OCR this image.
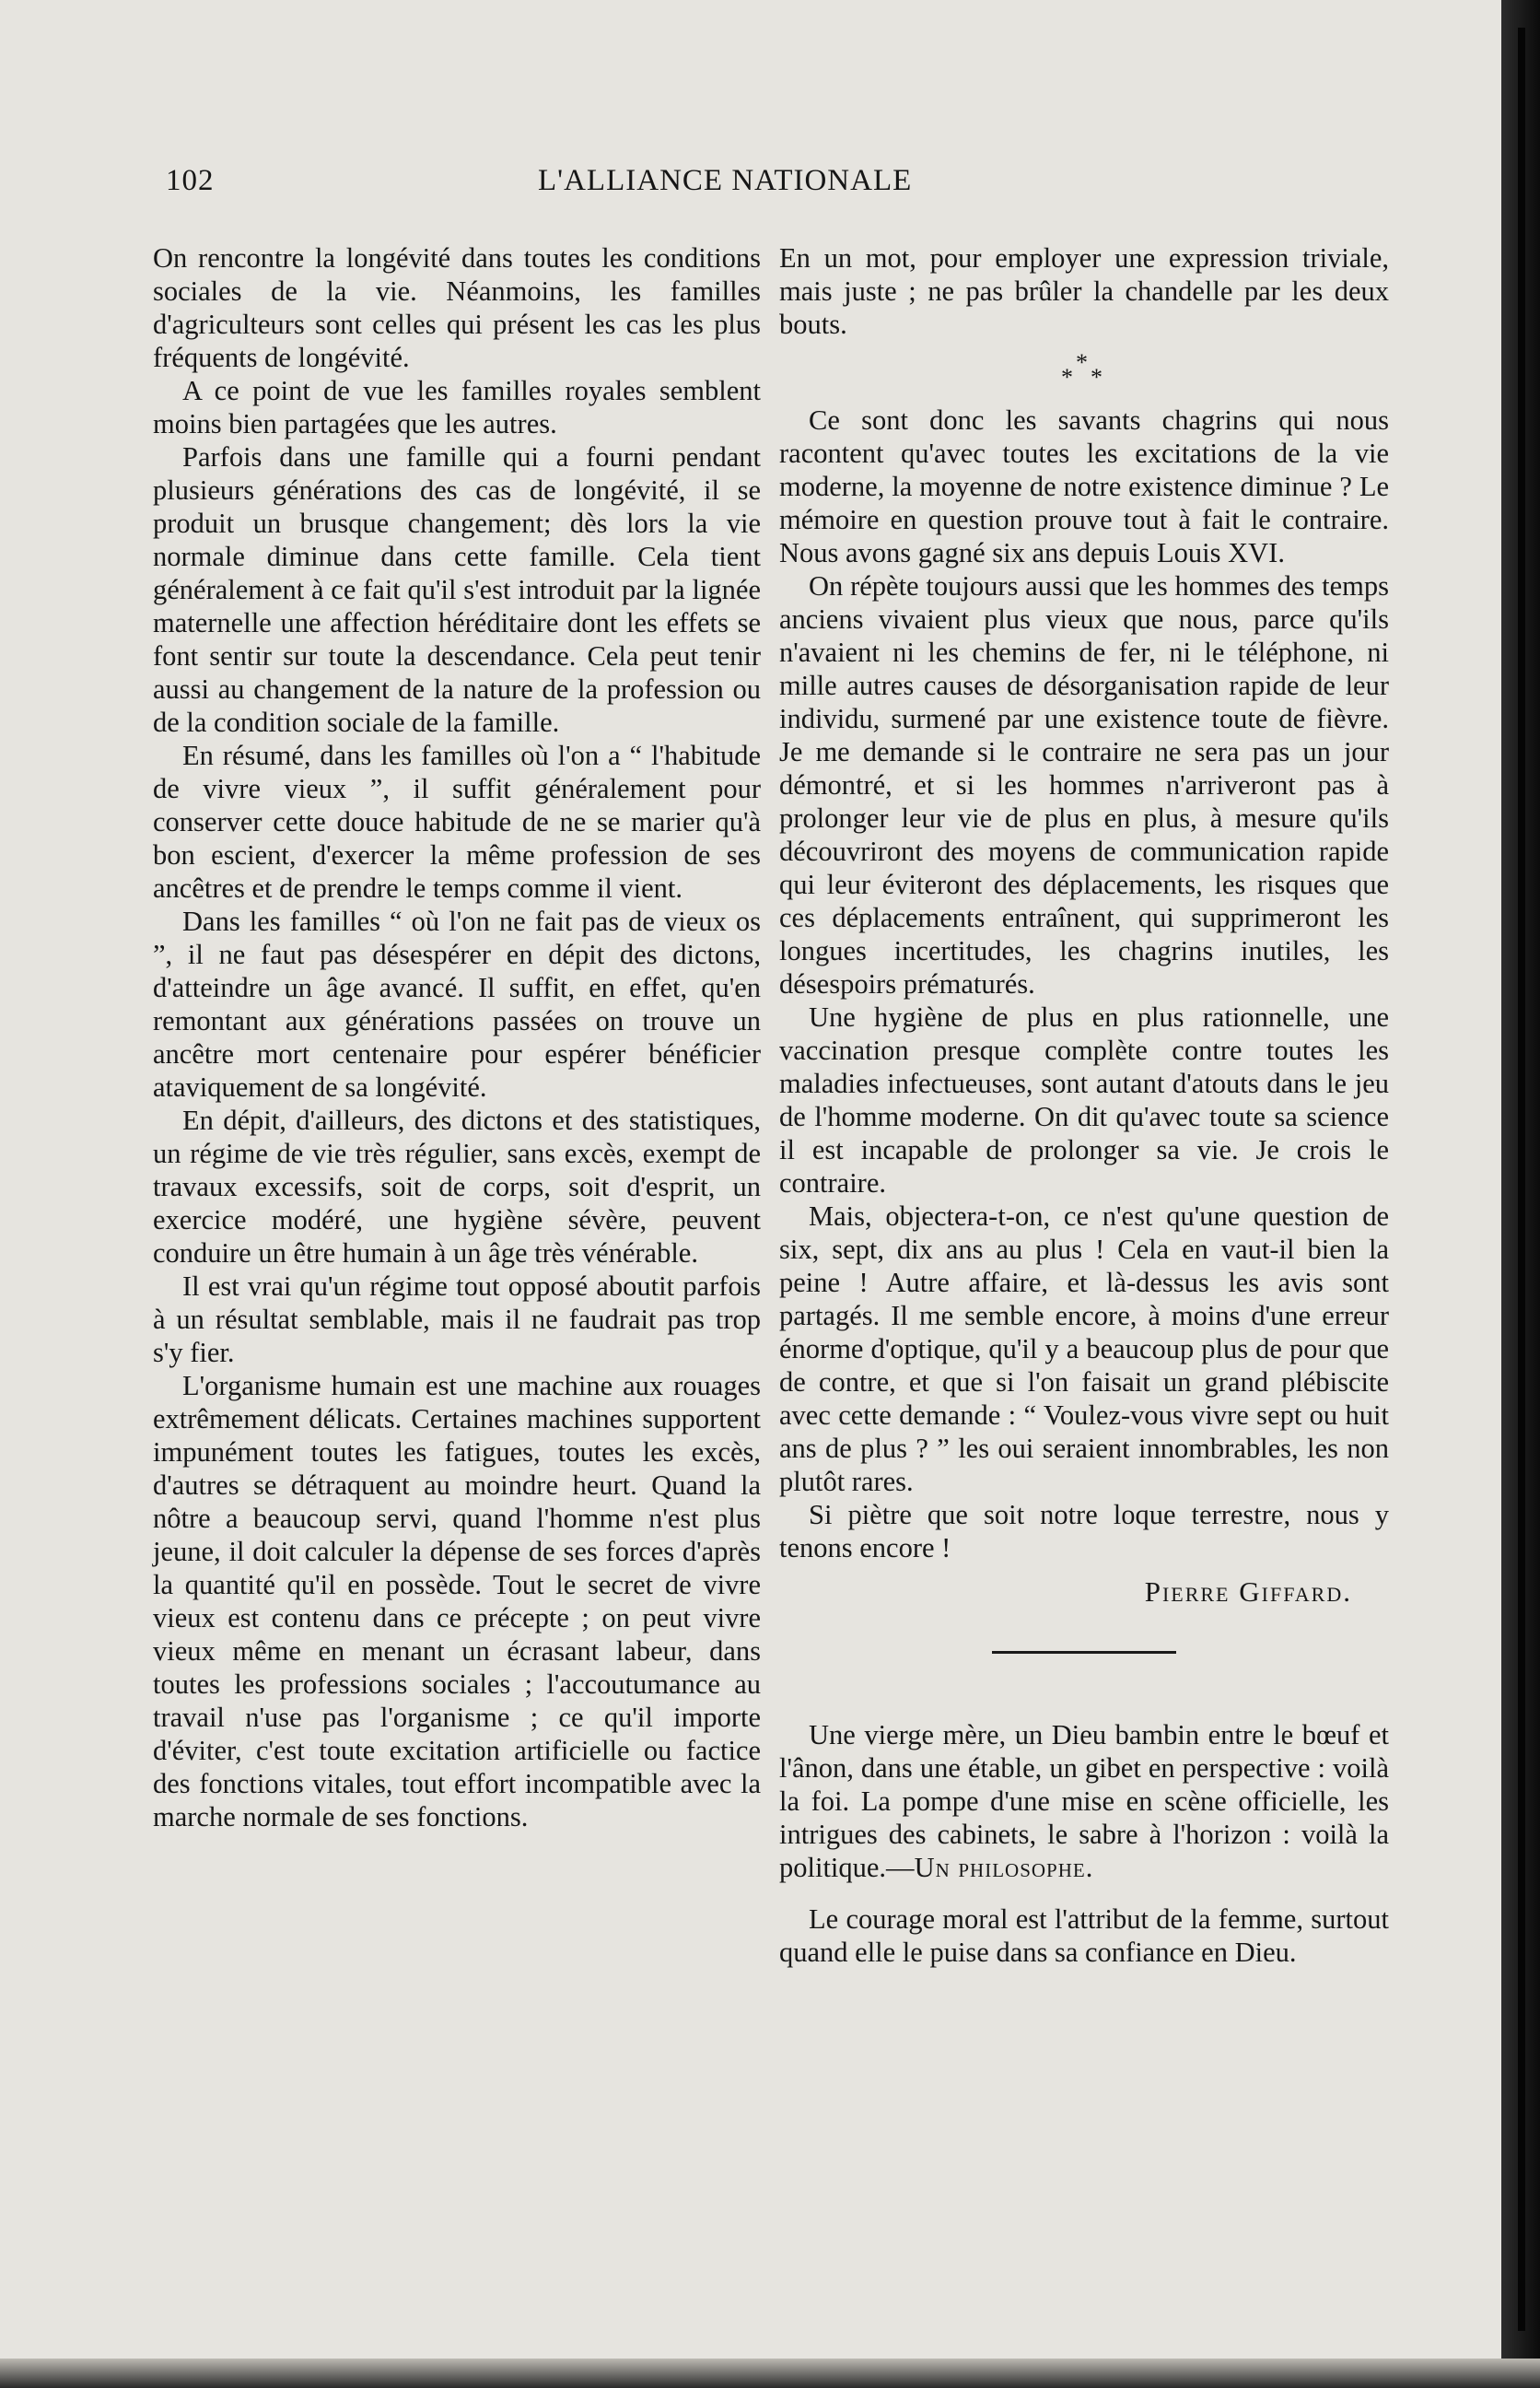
102	L'ALLIANCE NATIONALE

On rencontre la longévité dans toutes les conditions sociales de la vie. Néanmoins, les familles d'agriculteurs sont celles qui présent les cas les plus fréquents de longévité.

A ce point de vue les familles royales semblent moins bien partagées que les autres.

Parfois dans une famille qui a fourni pendant plusieurs générations des cas de longévité, il se produit un brusque changement; dès lors la vie normale diminue dans cette famille. Cela tient généralement à ce fait qu'il s'est introduit par la lignée maternelle une affection héréditaire dont les effets se font sentir sur toute la descendance. Cela peut tenir aussi au changement de la nature de la profession ou de la condition sociale de la famille.

En résumé, dans les familles où l'on a “ l'habitude de vivre vieux ”, il suffit généralement pour conserver cette douce habitude de ne se marier qu'à bon escient, d'exercer la même profession de ses ancêtres et de prendre le temps comme il vient.

Dans les familles “ où l'on ne fait pas de vieux os ”, il ne faut pas désespérer en dépit des dictons, d'atteindre un âge avancé. Il suffit, en effet, qu'en remontant aux générations passées on trouve un ancêtre mort centenaire pour espérer bénéficier ataviquement de sa longévité.

En dépit, d'ailleurs, des dictons et des statistiques, un régime de vie très régulier, sans excès, exempt de travaux excessifs, soit de corps, soit d'esprit, un exercice modéré, une hygiène sévère, peuvent conduire un être humain à un âge très vénérable.

Il est vrai qu'un régime tout opposé aboutit parfois à un résultat semblable, mais il ne faudrait pas trop s'y fier.

L'organisme humain est une machine aux rouages extrêmement délicats. Certaines machines supportent impunément toutes les fatigues, toutes les excès, d'autres se détraquent au moindre heurt. Quand la nôtre a beaucoup servi, quand l'homme n'est plus jeune, il doit calculer la dépense de ses forces d'après la quantité qu'il en possède. Tout le secret de vivre vieux est contenu dans ce précepte ; on peut vivre vieux même en menant un écrasant labeur, dans toutes les professions sociales ; l'accoutumance au travail n'use pas l'organisme ; ce qu'il importe d'éviter, c'est toute excitation artificielle ou factice des fonctions vitales, tout effort incompatible avec la marche normale de ses fonctions.

En un mot, pour employer une expression triviale, mais juste ; ne pas brûler la chandelle par les deux bouts.

*
* *

Ce sont donc les savants chagrins qui nous racontent qu'avec toutes les excitations de la vie moderne, la moyenne de notre existence diminue ? Le mémoire en question prouve tout à fait le contraire. Nous avons gagné six ans depuis Louis XVI.

On répète toujours aussi que les hommes des temps anciens vivaient plus vieux que nous, parce qu'ils n'avaient ni les chemins de fer, ni le téléphone, ni mille autres causes de désorganisation rapide de leur individu, surmené par une existence toute de fièvre. Je me demande si le contraire ne sera pas un jour démontré, et si les hommes n'arriveront pas à prolonger leur vie de plus en plus, à mesure qu'ils découvriront des moyens de communication rapide qui leur éviteront des déplacements, les risques que ces déplacements entraînent, qui supprimeront les longues incertitudes, les chagrins inutiles, les désespoirs prématurés.

Une hygiène de plus en plus rationnelle, une vaccination presque complète contre toutes les maladies infectueuses, sont autant d'atouts dans le jeu de l'homme moderne. On dit qu'avec toute sa science il est incapable de prolonger sa vie. Je crois le contraire.

Mais, objectera-t-on, ce n'est qu'une question de six, sept, dix ans au plus ! Cela en vaut-il bien la peine ! Autre affaire, et là-dessus les avis sont partagés. Il me semble encore, à moins d'une erreur énorme d'optique, qu'il y a beaucoup plus de pour que de contre, et que si l'on faisait un grand plébiscite avec cette demande : “ Voulez-vous vivre sept ou huit ans de plus ? ” les oui seraient innombrables, les non plutôt rares.

Si piètre que soit notre loque terrestre, nous y tenons encore !

Pierre Giffard.

Une vierge mère, un Dieu bambin entre le bœuf et l'ânon, dans une étable, un gibet en perspective : voilà la foi. La pompe d'une mise en scène officielle, les intrigues des cabinets, le sabre à l'horizon : voilà la politique.—Un philosophe.

Le courage moral est l'attribut de la femme, surtout quand elle le puise dans sa confiance en Dieu.
